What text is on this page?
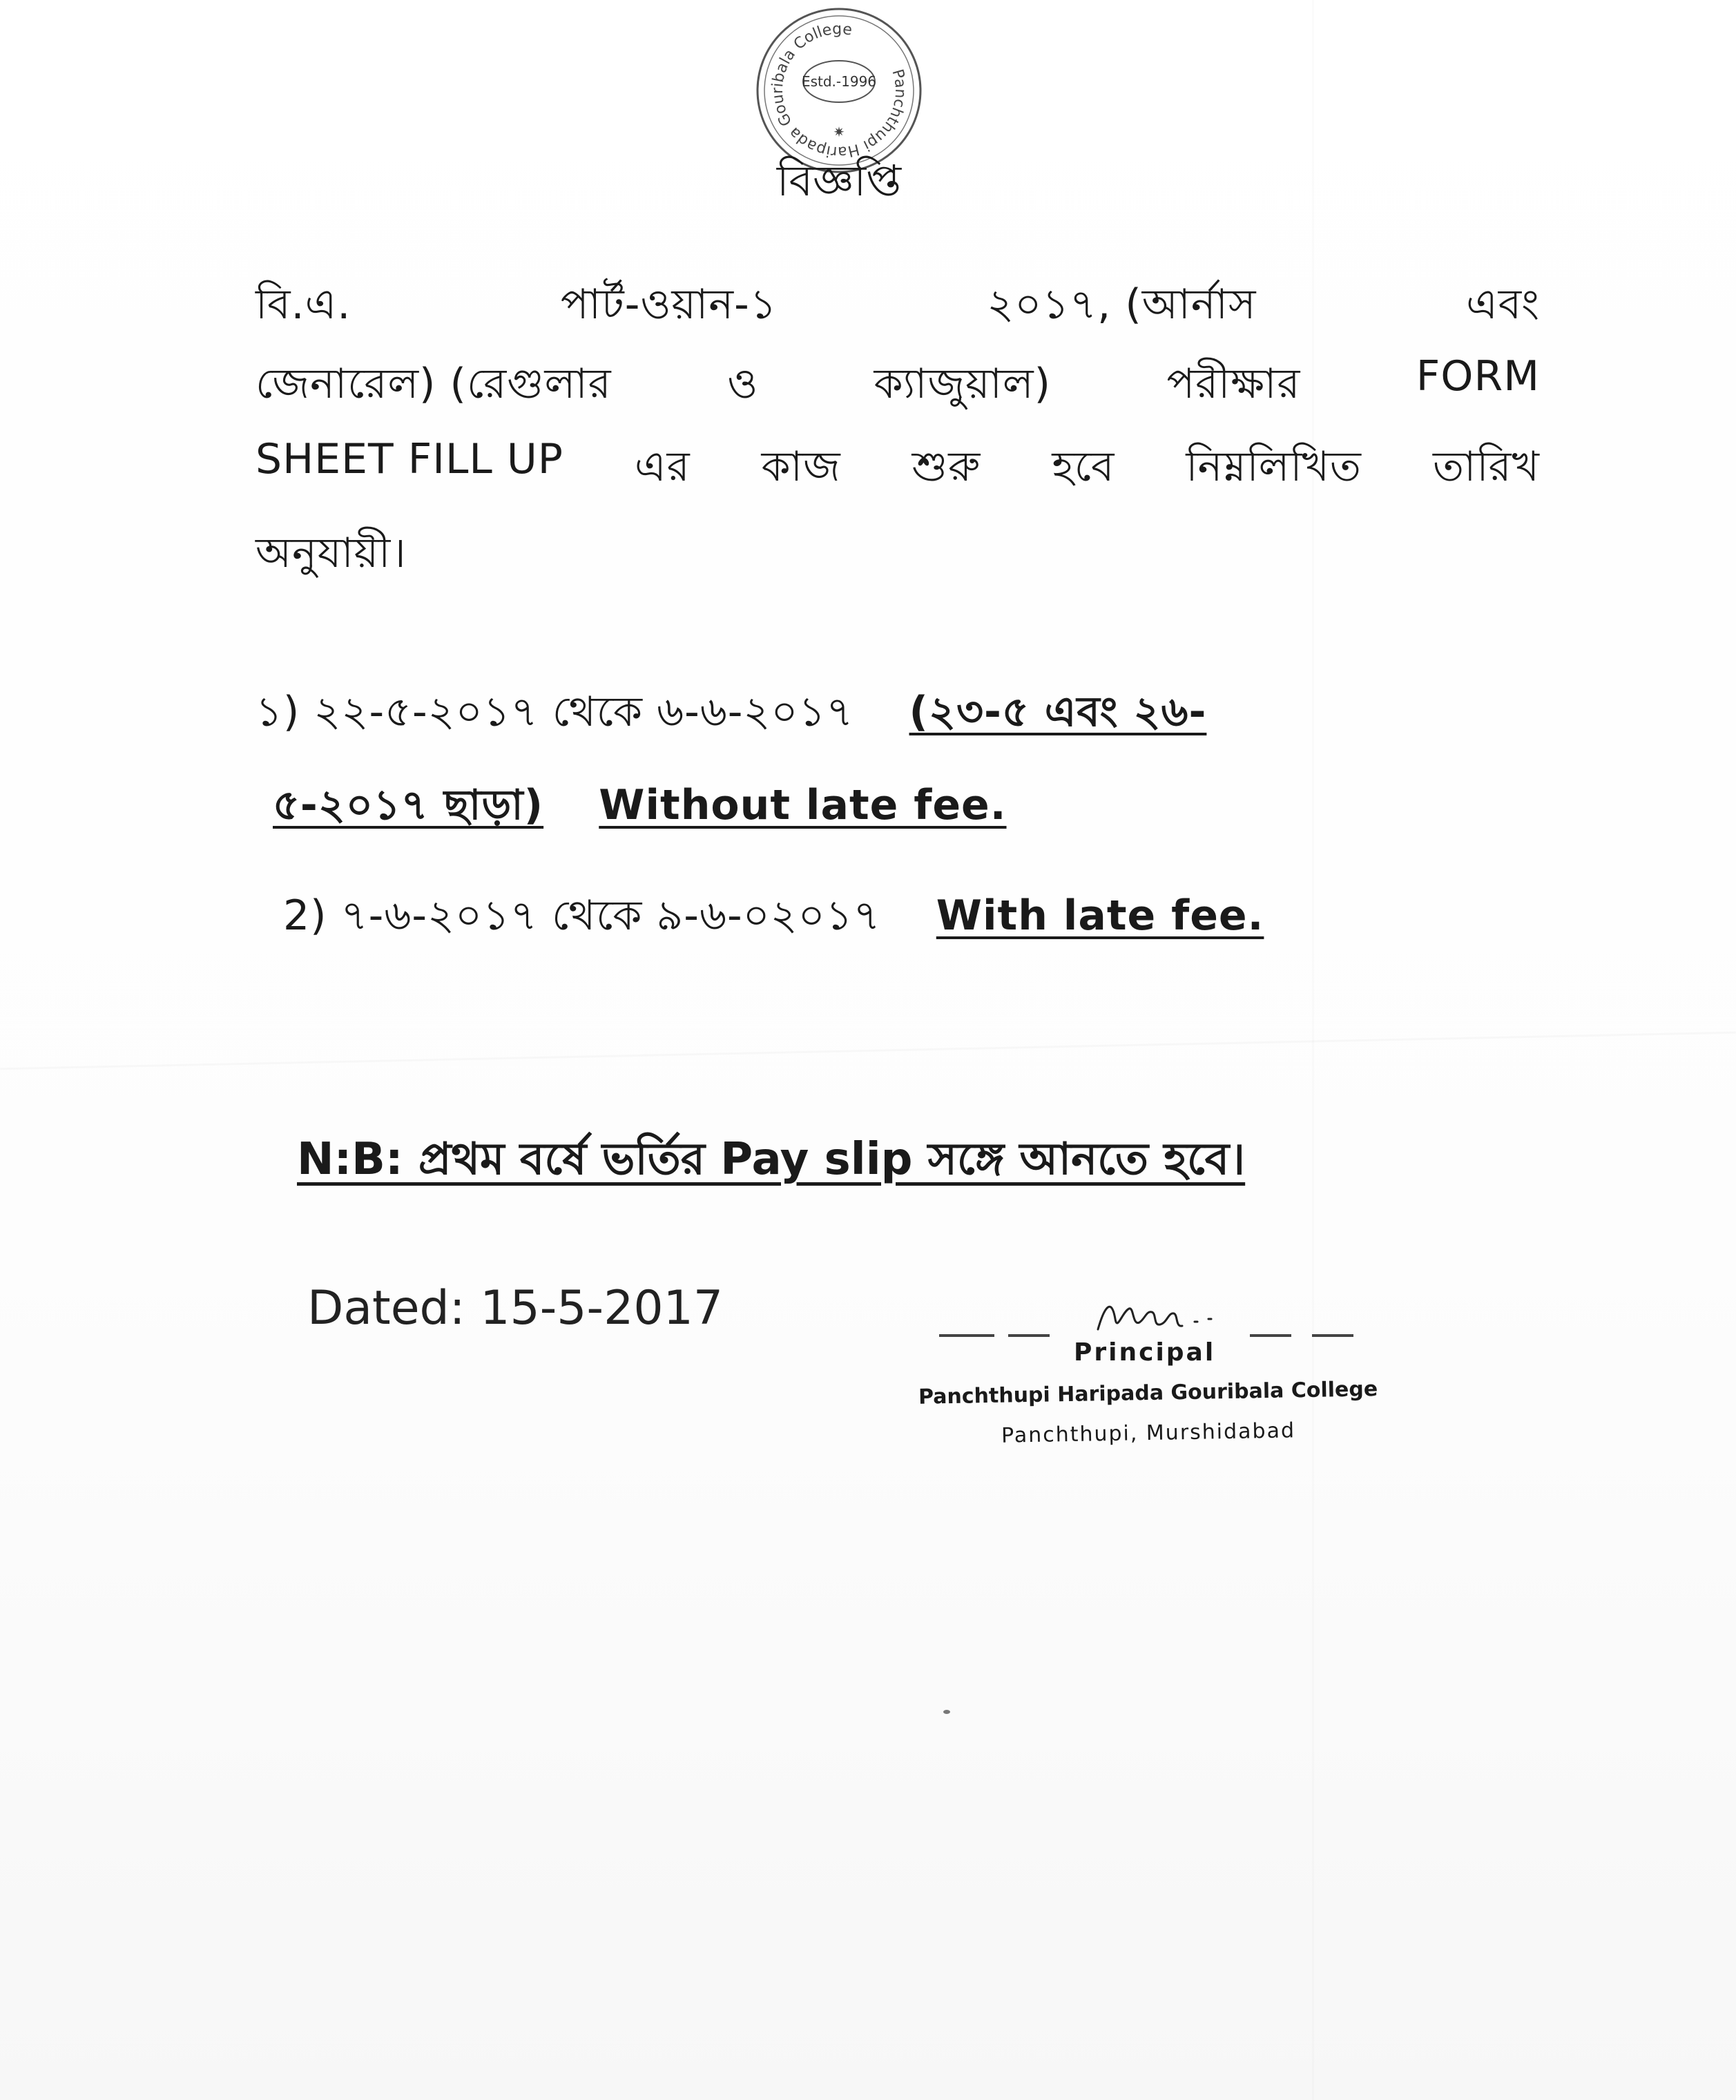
Panchthupi Haripada Gouribala College
Estd.-1996
✷
বিজ্ঞপ্তি
বি.এ.	পার্ট-ওয়ান-১	২০১৭, (আর্নাস	এবং
জেনারেল) (রেগুলার	ও	ক্যাজুয়াল)	পরীক্ষার	FORM
SHEET FILL UP এর কাজ শুরু হবে নিম্নলিখিত তারিখ
অনুযায়ী।
১) ২২-৫-২০১৭ থেকে ৬-৬-২০১৭ (২৩-৫ এবং ২৬-
৫-২০১৭ ছাড়া) Without late fee.
2) ৭-৬-২০১৭ থেকে ৯-৬-০২০১৭ With late fee.
N:B: প্রথম বর্ষে ভর্তির Pay slip সঙ্গে আনতে হবে।
Dated: 15-5-2017
Principal
Panchthupi Haripada Gouribala College
Panchthupi, Murshidabad
